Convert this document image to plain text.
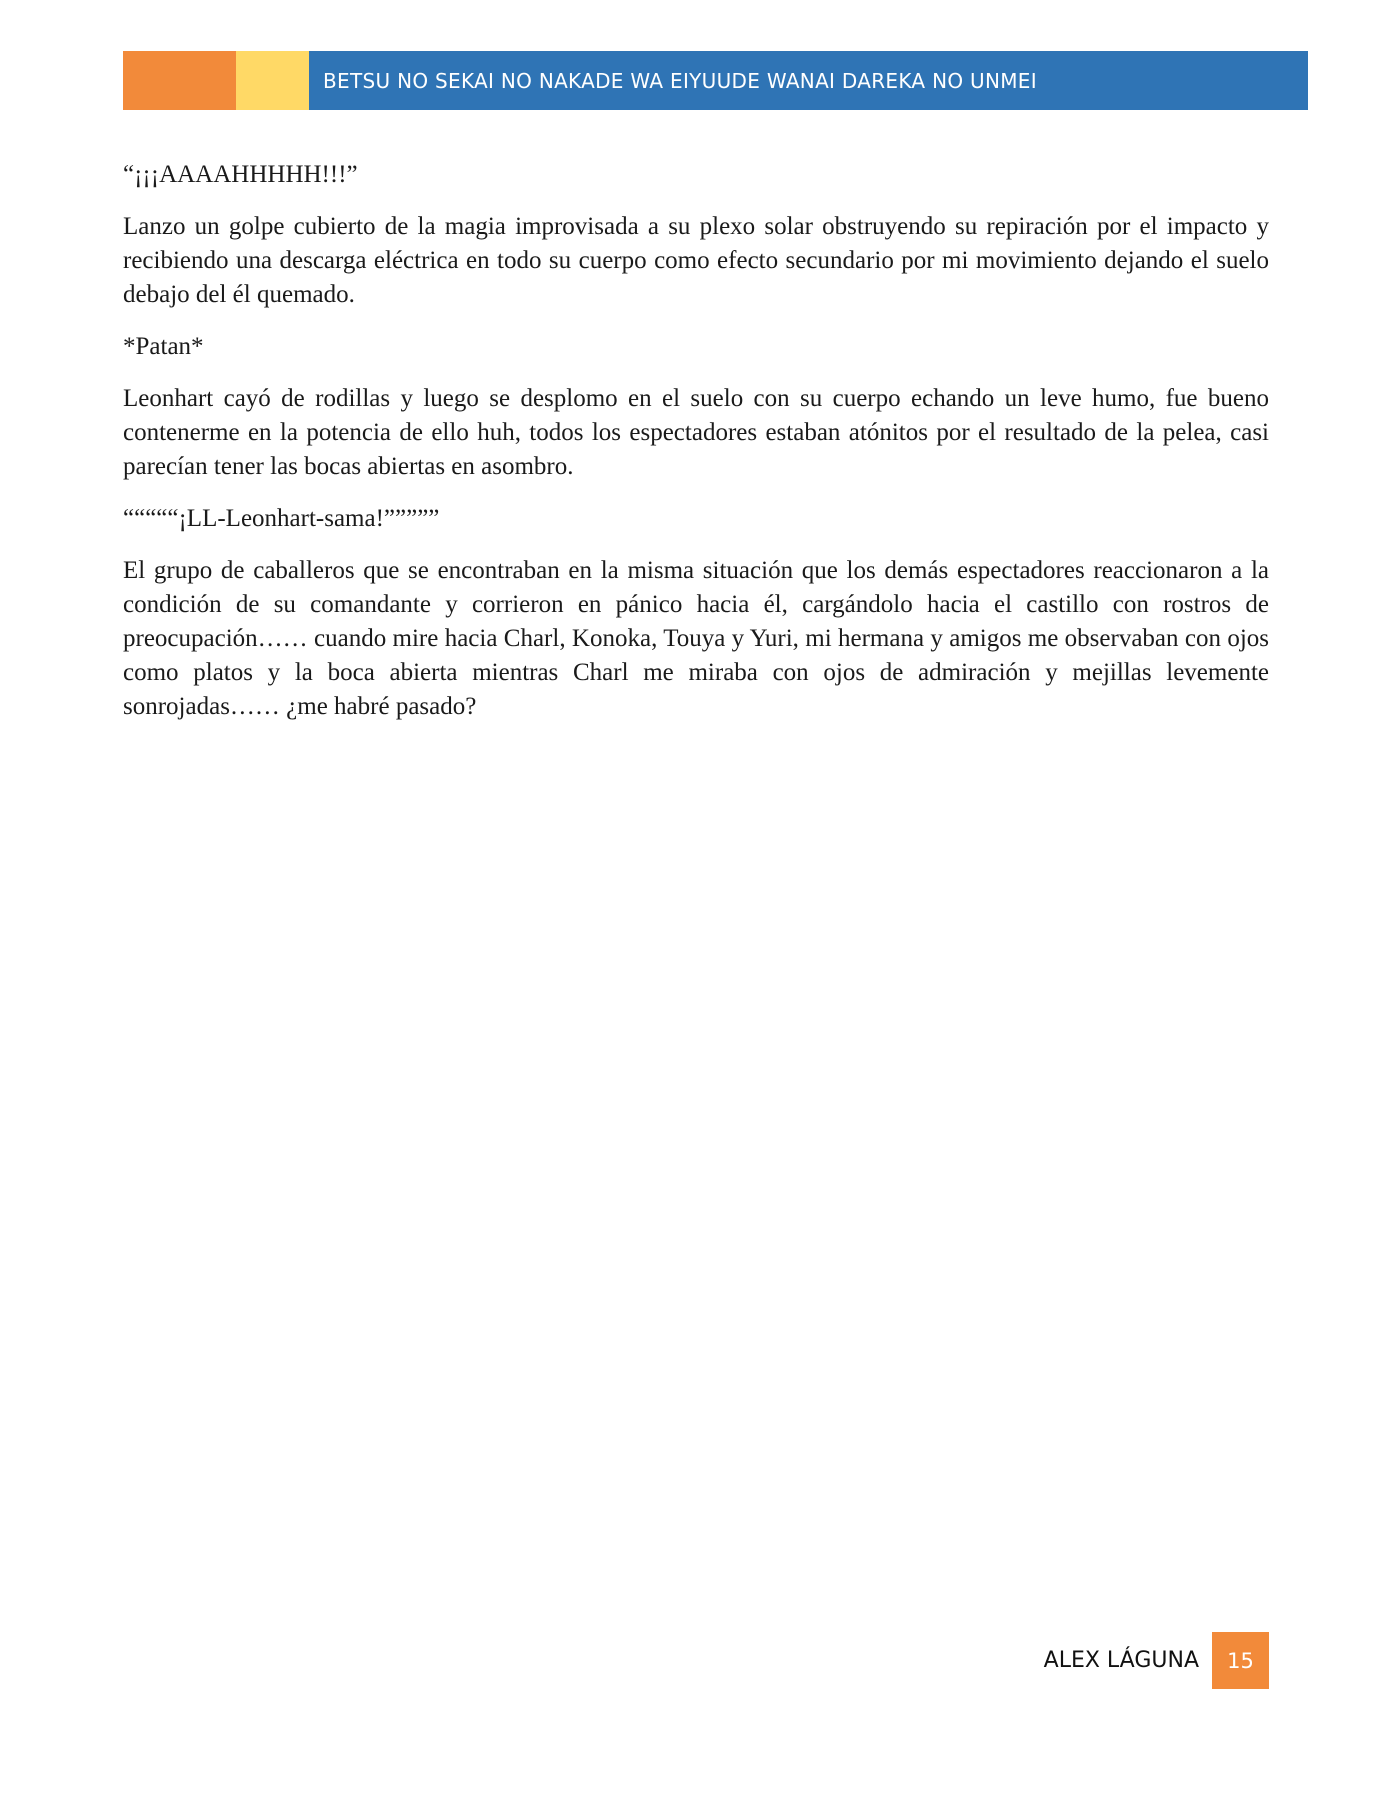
BETSU NO SEKAI NO NAKADE WA EIYUUDE WANAI DAREKA NO UNMEI

“¡¡¡AAAAHHHHH!!!”

Lanzo un golpe cubierto de la magia improvisada a su plexo solar obstruyendo su repiración por el impacto y recibiendo una descarga eléctrica en todo su cuerpo como efecto secundario por mi movimiento dejando el suelo debajo del él quemado.

*Patan*

Leonhart cayó de rodillas y luego se desplomo en el suelo con su cuerpo echando un leve humo, fue bueno contenerme en la potencia de ello huh, todos los espectadores estaban atónitos por el resultado de la pelea, casi parecían tener las bocas abiertas en asombro.

“““““¡LL-Leonhart-sama!”””””

El grupo de caballeros que se encontraban en la misma situación que los demás espectadores reaccionaron a la condición de su comandante y corrieron en pánico hacia él, cargándolo hacia el castillo con rostros de preocupación…… cuando mire hacia Charl, Konoka, Touya y Yuri, mi hermana y amigos me observaban con ojos como platos y la boca abierta mientras Charl me miraba con ojos de admiración y mejillas levemente sonrojadas…… ¿me habré pasado?

ALEX LÁGUNA	15
